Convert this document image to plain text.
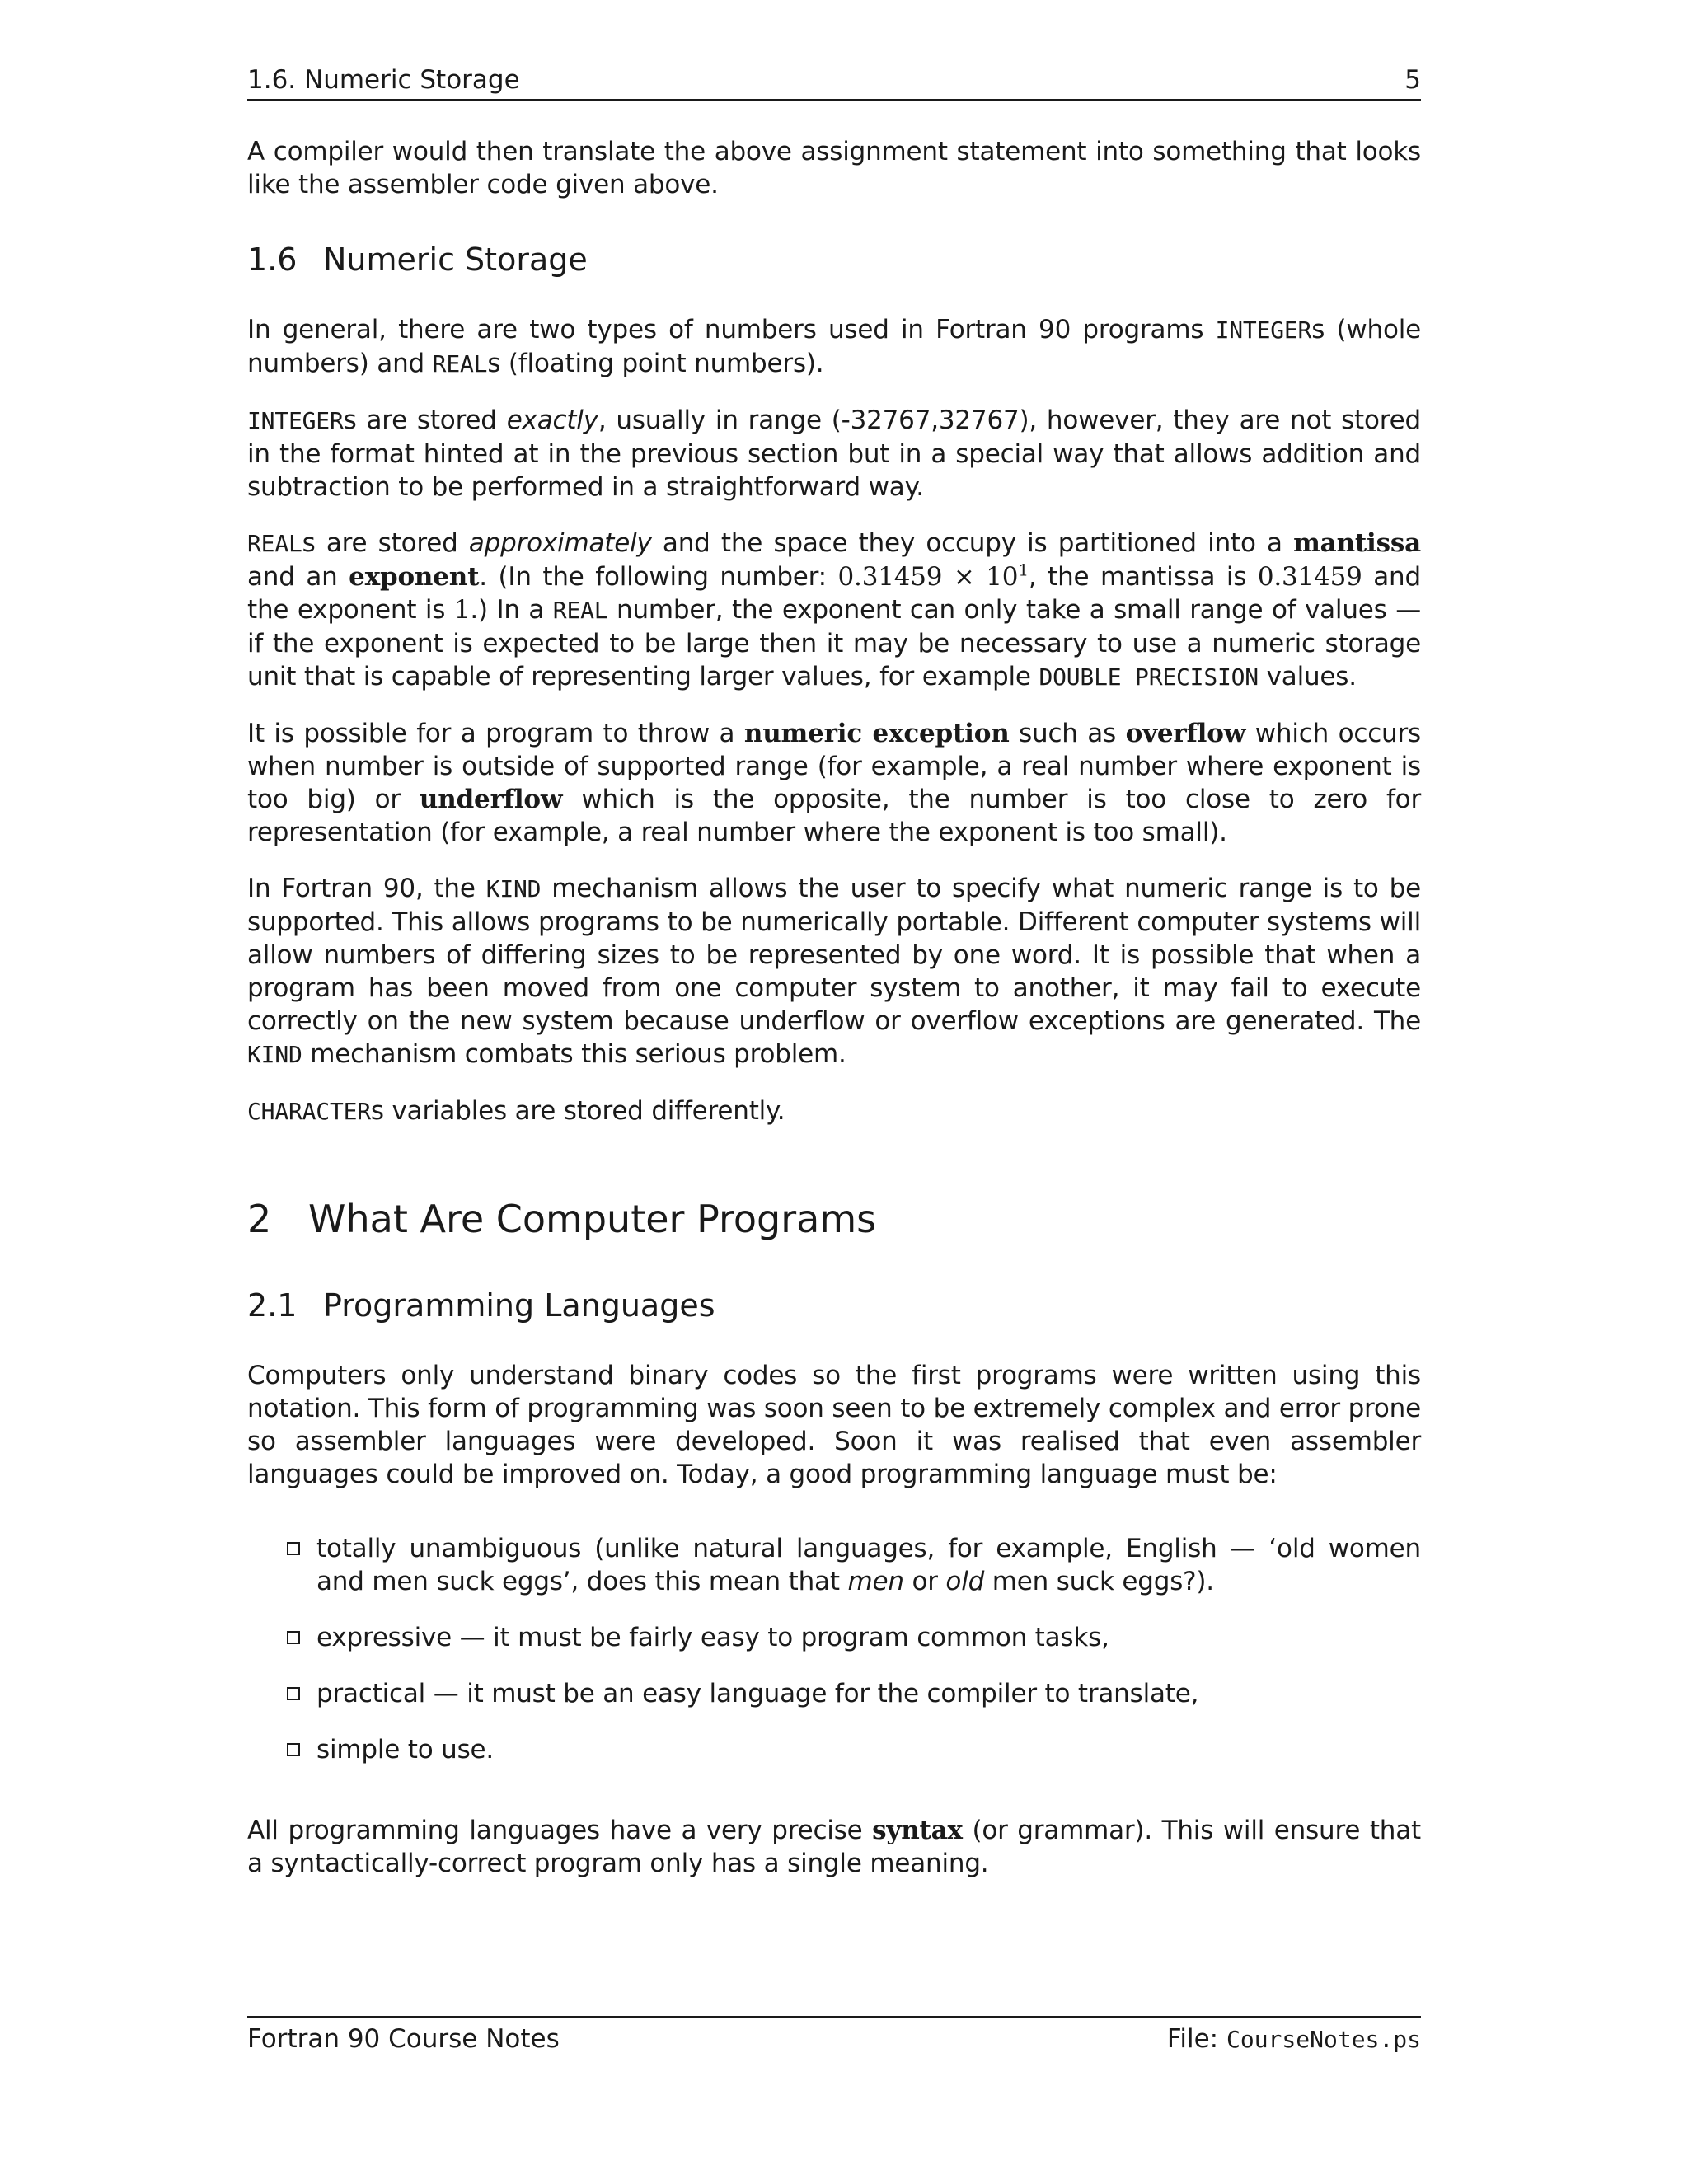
1.6. Numeric Storage	5

A compiler would then translate the above assignment statement into something that looks like the assembler code given above.

1.6 Numeric Storage

In general, there are two types of numbers used in Fortran 90 programs INTEGERs (whole numbers) and REALs (floating point numbers).

INTEGERs are stored exactly, usually in range (-32767,32767), however, they are not stored in the format hinted at in the previous section but in a special way that allows addition and subtraction to be performed in a straightforward way.

REALs are stored approximately and the space they occupy is partitioned into a mantissa and an exponent. (In the following number: $0.31459 \times 10^1$, the mantissa is 0.31459 and the exponent is 1.) In a REAL number, the exponent can only take a small range of values — if the exponent is expected to be large then it may be necessary to use a numeric storage unit that is capable of representing larger values, for example DOUBLE PRECISION values.

It is possible for a program to throw a numeric exception such as overflow which occurs when number is outside of supported range (for example, a real number where exponent is too big) or underflow which is the opposite, the number is too close to zero for representation (for example, a real number where the exponent is too small).

In Fortran 90, the KIND mechanism allows the user to specify what numeric range is to be supported. This allows programs to be numerically portable. Different computer systems will allow numbers of differing sizes to be represented by one word. It is possible that when a program has been moved from one computer system to another, it may fail to execute correctly on the new system because underflow or overflow exceptions are generated. The KIND mechanism combats this serious problem.

CHARACTERs variables are stored differently.

2 What Are Computer Programs
2.1 Programming Languages

Computers only understand binary codes so the first programs were written using this notation. This form of programming was soon seen to be extremely complex and error prone so assembler languages were developed. Soon it was realised that even assembler languages could be improved on. Today, a good programming language must be:

totally unambiguous (unlike natural languages, for example, English — ‘old women and men suck eggs’, does this mean that men or old men suck eggs?).
expressive — it must be fairly easy to program common tasks,
practical — it must be an easy language for the compiler to translate,
simple to use.

All programming languages have a very precise syntax (or grammar). This will ensure that a syntactically-correct program only has a single meaning.

Fortran 90 Course Notes	File: CourseNotes.ps
